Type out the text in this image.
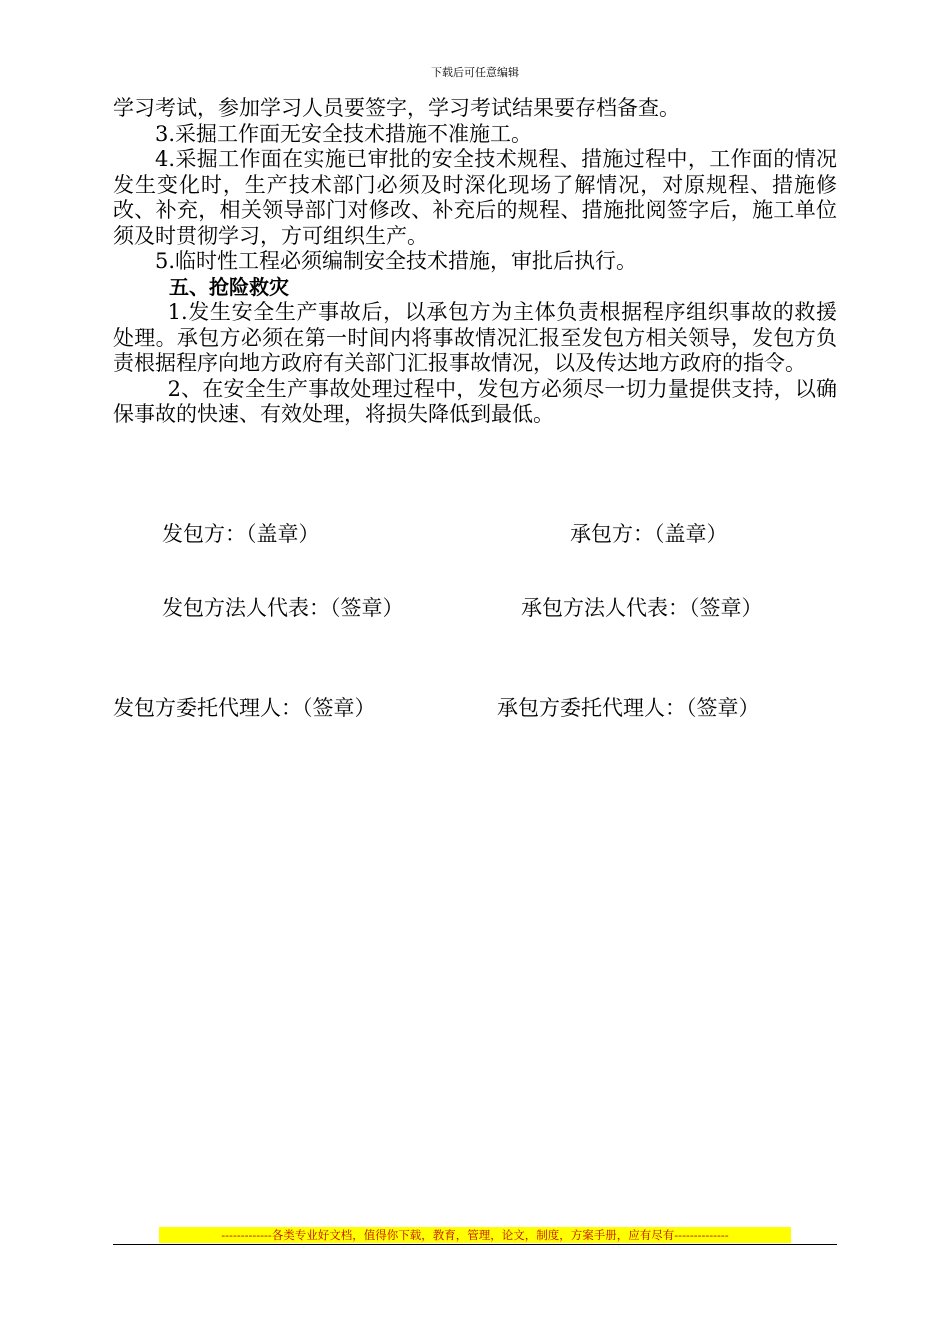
下载后可任意编辑

学习考试，参加学习人员要签字，学习考试结果要存档备查。

3.采掘工作面无安全技术措施不准施工。

4.采掘工作面在实施已审批的安全技术规程、措施过程中，工作面的情况发生变化时，生产技术部门必须及时深化现场了解情况，对原规程、措施修改、补充，相关领导部门对修改、补充后的规程、措施批阅签字后，施工单位须及时贯彻学习，方可组织生产。

5.临时性工程必须编制安全技术措施，审批后执行。

五、抢险救灾

1.发生安全生产事故后，以承包方为主体负责根据程序组织事故的救援处理。承包方必须在第一时间内将事故情况汇报至发包方相关领导，发包方负责根据程序向地方政府有关部门汇报事故情况，以及传达地方政府的指令。

2、在安全生产事故处理过程中，发包方必须尽一切力量提供支持，以确保事故的快速、有效处理，将损失降低到最低。

发包方：（盖章）	承包方：（盖章）
发包方法人代表：（签章）	承包方法人代表：（签章）
发包方委托代理人：（签章）	承包方委托代理人：（签章）
-------------各类专业好文档，值得你下载，教育，管理，论文，制度，方案手册，应有尽有--------------
